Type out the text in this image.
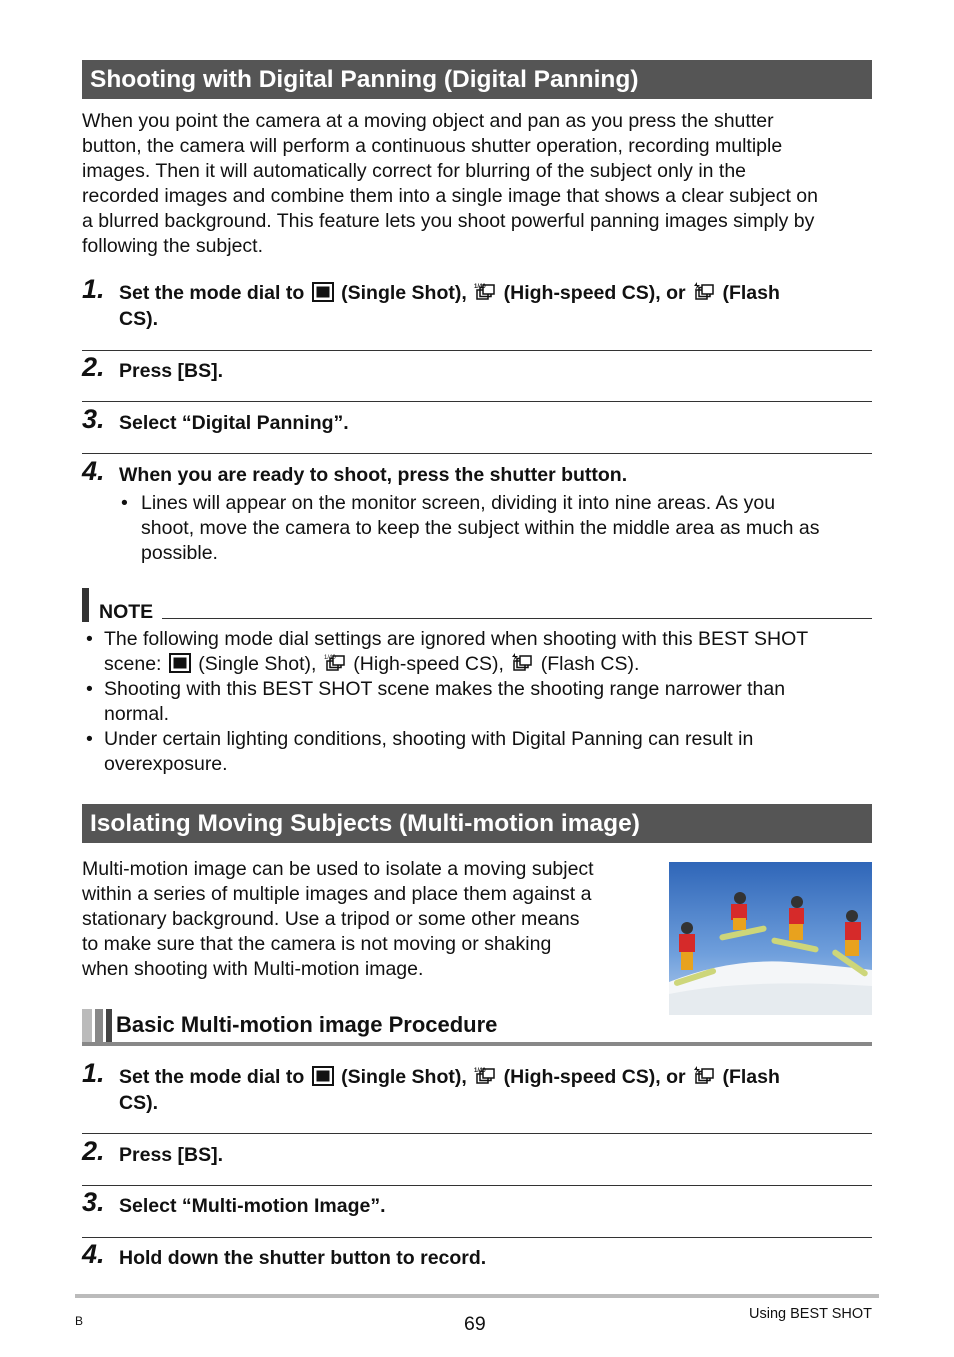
Shooting with Digital Panning (Digital Panning)

When you point the camera at a moving object and pan as you press the shutter

button, the camera will perform a continuous shutter operation, recording multiple

images. Then it will automatically correct for blurring of the subject only in the

recorded images and combine them into a single image that shows a clear subject on

a blurred background. This feature lets you shoot powerful panning images simply by

following the subject.

1. Set the mode dial to (Single Shot), (High-speed CS), or (Flash
CS).
2. Press [BS].
3. Select “Digital Panning”.
4. When you are ready to shoot, press the shutter button.
• Lines will appear on the monitor screen, dividing it into nine areas. As you
shoot, move the camera to keep the subject within the middle area as much as
possible.
NOTE
• The following mode dial settings are ignored when shooting with this BEST SHOT
scene: (Single Shot), (High-speed CS), (Flash CS).
• Shooting with this BEST SHOT scene makes the shooting range narrower than
normal.
• Under certain lighting conditions, shooting with Digital Panning can result in
overexposure.
Isolating Moving Subjects (Multi-motion image)

Multi-motion image can be used to isolate a moving subject

within a series of multiple images and place them against a

stationary background. Use a tripod or some other means

to make sure that the camera is not moving or shaking

when shooting with Multi-motion image.

Basic Multi-motion image Procedure
1. Set the mode dial to (Single Shot), (High-speed CS), or (Flash
CS).
2. Press [BS].
3. Select “Multi-motion Image”.
4. Hold down the shutter button to record.
B	69	Using BEST SHOT
